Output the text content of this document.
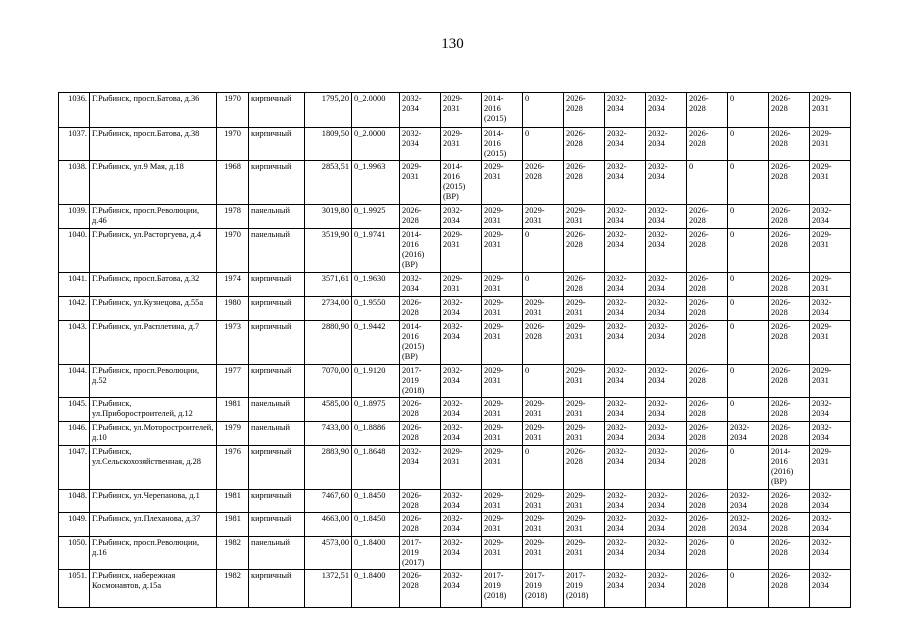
130
1036.	Г.Рыбинск, просп.Батова, д.36	1970	кирпичный	1795,20	0_2.0000	2032-
2034	2029-
2031	2014-
2016
(2015)	0	2026-
2028	2032-
2034	2032-
2034	2026-
2028	0	2026-
2028	2029-
2031
1037.	Г.Рыбинск, просп.Батова, д.38	1970	кирпичный	1809,50	0_2.0000	2032-
2034	2029-
2031	2014-
2016
(2015)	0	2026-
2028	2032-
2034	2032-
2034	2026-
2028	0	2026-
2028	2029-
2031
1038.	Г.Рыбинск, ул.9 Мая, д.18	1968	кирпичный	2853,51	0_1.9963	2029-
2031	2014-
2016
(2015)
(ВР)	2029-
2031	2026-
2028	2026-
2028	2032-
2034	2032-
2034	0	0	2026-
2028	2029-
2031
1039.	Г.Рыбинск, просп.Революции, д.46	1978	панельный	3019,80	0_1.9925	2026-
2028	2032-
2034	2029-
2031	2029-
2031	2029-
2031	2032-
2034	2032-
2034	2026-
2028	0	2026-
2028	2032-
2034
1040.	Г.Рыбинск, ул.Расторгуева, д.4	1970	панельный	3519,90	0_1.9741	2014-
2016
(2016)
(ВР)	2029-
2031	2029-
2031	0	2026-
2028	2032-
2034	2032-
2034	2026-
2028	0	2026-
2028	2029-
2031
1041.	Г.Рыбинск, просп.Батова, д.32	1974	кирпичный	3571,61	0_1.9630	2032-
2034	2029-
2031	2029-
2031	0	2026-
2028	2032-
2034	2032-
2034	2026-
2028	0	2026-
2028	2029-
2031
1042.	Г.Рыбинск, ул.Кузнецова, д.55а	1980	кирпичный	2734,00	0_1.9550	2026-
2028	2032-
2034	2029-
2031	2029-
2031	2029-
2031	2032-
2034	2032-
2034	2026-
2028	0	2026-
2028	2032-
2034
1043.	Г.Рыбинск, ул.Расплетина, д.7	1973	кирпичный	2880,90	0_1.9442	2014-
2016
(2015)
(ВР)	2032-
2034	2029-
2031	2026-
2028	2029-
2031	2032-
2034	2032-
2034	2026-
2028	0	2026-
2028	2029-
2031
1044.	Г.Рыбинск, просп.Революции, д.52	1977	кирпичный	7070,00	0_1.9120	2017-
2019
(2018)	2032-
2034	2029-
2031	0	2029-
2031	2032-
2034	2032-
2034	2026-
2028	0	2026-
2028	2029-
2031
1045.	Г.Рыбинск, ул.Приборостроителей, д.12	1981	панельный	4585,00	0_1.8975	2026-
2028	2032-
2034	2029-
2031	2029-
2031	2029-
2031	2032-
2034	2032-
2034	2026-
2028	0	2026-
2028	2032-
2034
1046.	Г.Рыбинск, ул.Моторостроителей, д.10	1979	панельный	7433,00	0_1.8886	2026-
2028	2032-
2034	2029-
2031	2029-
2031	2029-
2031	2032-
2034	2032-
2034	2026-
2028	2032-
2034	2026-
2028	2032-
2034
1047.	Г.Рыбинск, ул.Сельскохозяйственная, д.28	1976	кирпичный	2883,90	0_1.8648	2032-
2034	2029-
2031	2029-
2031	0	2026-
2028	2032-
2034	2032-
2034	2026-
2028	0	2014-
2016
(2016)
(ВР)	2029-
2031
1048.	Г.Рыбинск, ул.Черепанова, д.1	1981	кирпичный	7467,60	0_1.8450	2026-
2028	2032-
2034	2029-
2031	2029-
2031	2029-
2031	2032-
2034	2032-
2034	2026-
2028	2032-
2034	2026-
2028	2032-
2034
1049.	Г.Рыбинск, ул.Плеханова, д.37	1981	кирпичный	4663,00	0_1.8450	2026-
2028	2032-
2034	2029-
2031	2029-
2031	2029-
2031	2032-
2034	2032-
2034	2026-
2028	2032-
2034	2026-
2028	2032-
2034
1050.	Г.Рыбинск, просп.Революции, д.16	1982	панельный	4573,00	0_1.8400	2017-
2019
(2017)	2032-
2034	2029-
2031	2029-
2031	2029-
2031	2032-
2034	2032-
2034	2026-
2028	0	2026-
2028	2032-
2034
1051.	Г.Рыбинск, набережная Космонавтов, д.15а	1982	кирпичный	1372,51	0_1.8400	2026-
2028	2032-
2034	2017-
2019
(2018)	2017-
2019
(2018)	2017-
2019
(2018)	2032-
2034	2032-
2034	2026-
2028	0	2026-
2028	2032-
2034
